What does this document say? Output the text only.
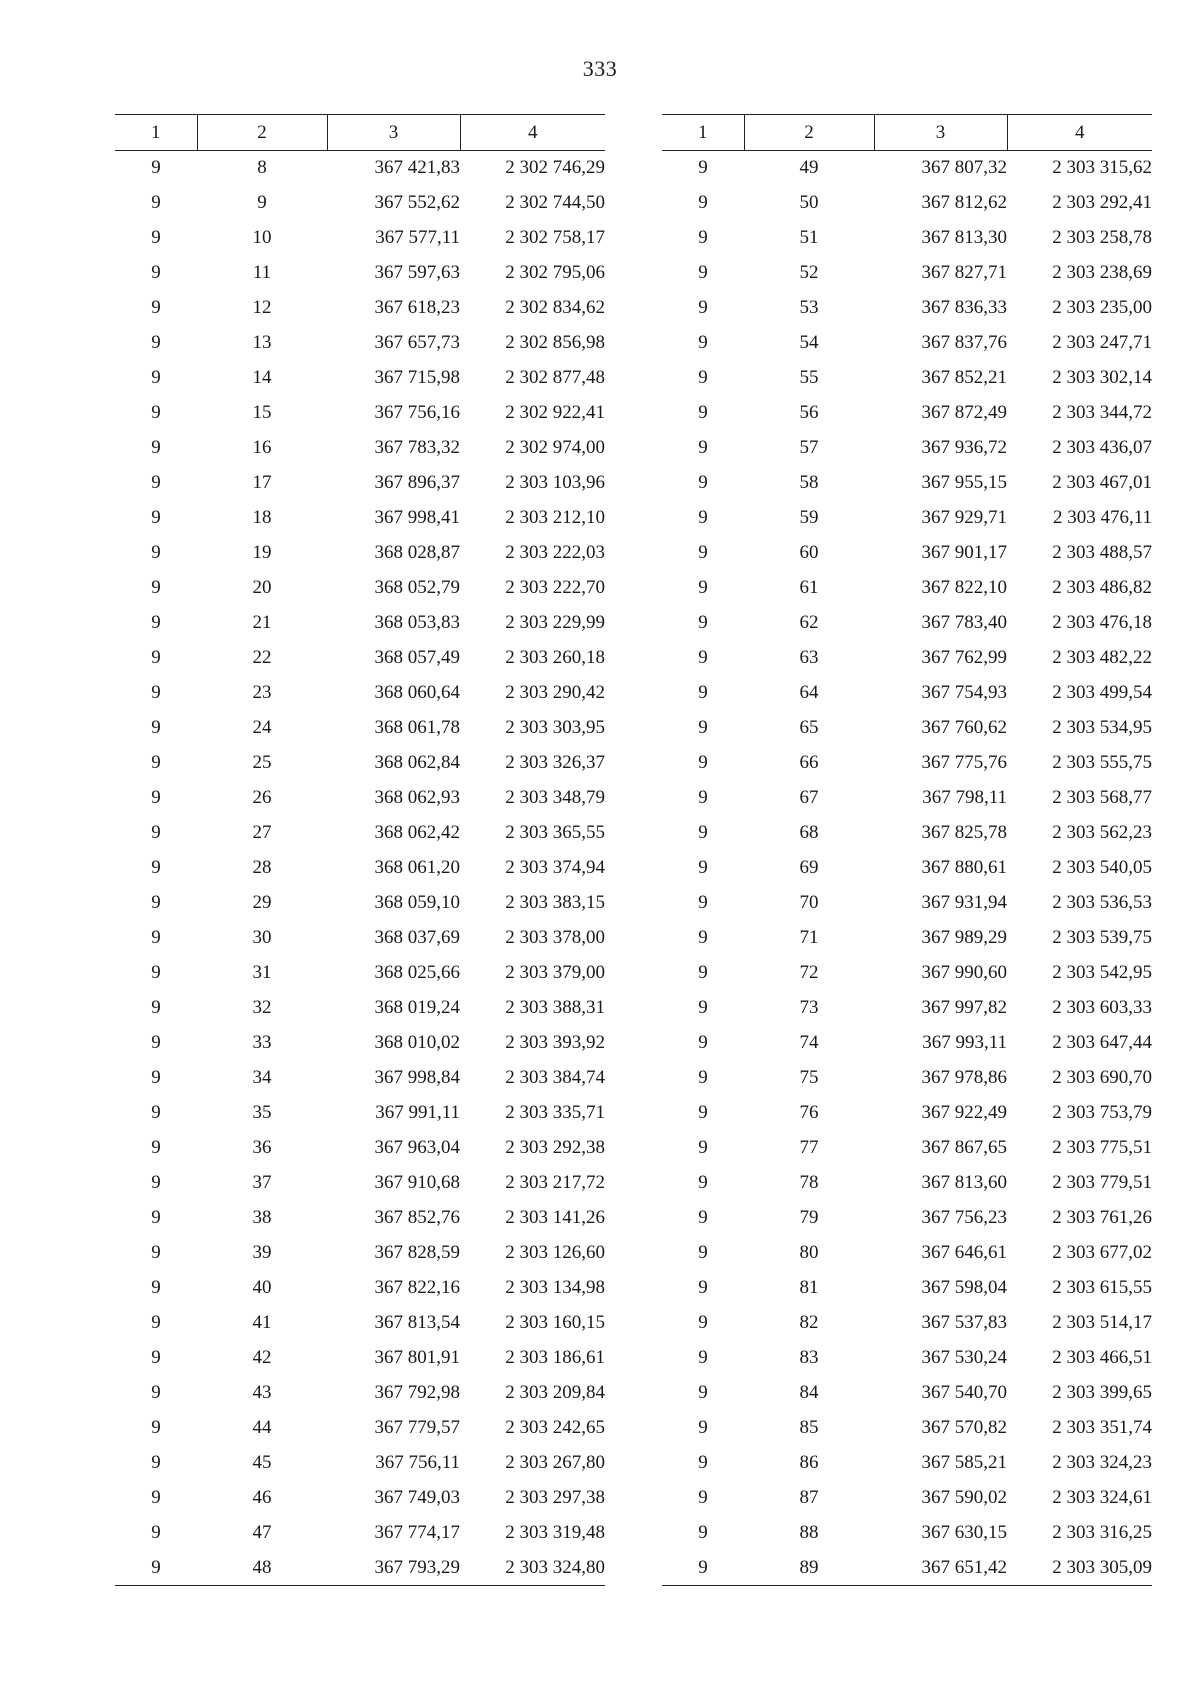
333
1	2	3	4
9	8	367 421,83	2 302 746,29
9	9	367 552,62	2 302 744,50
9	10	367 577,11	2 302 758,17
9	11	367 597,63	2 302 795,06
9	12	367 618,23	2 302 834,62
9	13	367 657,73	2 302 856,98
9	14	367 715,98	2 302 877,48
9	15	367 756,16	2 302 922,41
9	16	367 783,32	2 302 974,00
9	17	367 896,37	2 303 103,96
9	18	367 998,41	2 303 212,10
9	19	368 028,87	2 303 222,03
9	20	368 052,79	2 303 222,70
9	21	368 053,83	2 303 229,99
9	22	368 057,49	2 303 260,18
9	23	368 060,64	2 303 290,42
9	24	368 061,78	2 303 303,95
9	25	368 062,84	2 303 326,37
9	26	368 062,93	2 303 348,79
9	27	368 062,42	2 303 365,55
9	28	368 061,20	2 303 374,94
9	29	368 059,10	2 303 383,15
9	30	368 037,69	2 303 378,00
9	31	368 025,66	2 303 379,00
9	32	368 019,24	2 303 388,31
9	33	368 010,02	2 303 393,92
9	34	367 998,84	2 303 384,74
9	35	367 991,11	2 303 335,71
9	36	367 963,04	2 303 292,38
9	37	367 910,68	2 303 217,72
9	38	367 852,76	2 303 141,26
9	39	367 828,59	2 303 126,60
9	40	367 822,16	2 303 134,98
9	41	367 813,54	2 303 160,15
9	42	367 801,91	2 303 186,61
9	43	367 792,98	2 303 209,84
9	44	367 779,57	2 303 242,65
9	45	367 756,11	2 303 267,80
9	46	367 749,03	2 303 297,38
9	47	367 774,17	2 303 319,48
9	48	367 793,29	2 303 324,80
1	2	3	4
9	49	367 807,32	2 303 315,62
9	50	367 812,62	2 303 292,41
9	51	367 813,30	2 303 258,78
9	52	367 827,71	2 303 238,69
9	53	367 836,33	2 303 235,00
9	54	367 837,76	2 303 247,71
9	55	367 852,21	2 303 302,14
9	56	367 872,49	2 303 344,72
9	57	367 936,72	2 303 436,07
9	58	367 955,15	2 303 467,01
9	59	367 929,71	2 303 476,11
9	60	367 901,17	2 303 488,57
9	61	367 822,10	2 303 486,82
9	62	367 783,40	2 303 476,18
9	63	367 762,99	2 303 482,22
9	64	367 754,93	2 303 499,54
9	65	367 760,62	2 303 534,95
9	66	367 775,76	2 303 555,75
9	67	367 798,11	2 303 568,77
9	68	367 825,78	2 303 562,23
9	69	367 880,61	2 303 540,05
9	70	367 931,94	2 303 536,53
9	71	367 989,29	2 303 539,75
9	72	367 990,60	2 303 542,95
9	73	367 997,82	2 303 603,33
9	74	367 993,11	2 303 647,44
9	75	367 978,86	2 303 690,70
9	76	367 922,49	2 303 753,79
9	77	367 867,65	2 303 775,51
9	78	367 813,60	2 303 779,51
9	79	367 756,23	2 303 761,26
9	80	367 646,61	2 303 677,02
9	81	367 598,04	2 303 615,55
9	82	367 537,83	2 303 514,17
9	83	367 530,24	2 303 466,51
9	84	367 540,70	2 303 399,65
9	85	367 570,82	2 303 351,74
9	86	367 585,21	2 303 324,23
9	87	367 590,02	2 303 324,61
9	88	367 630,15	2 303 316,25
9	89	367 651,42	2 303 305,09
